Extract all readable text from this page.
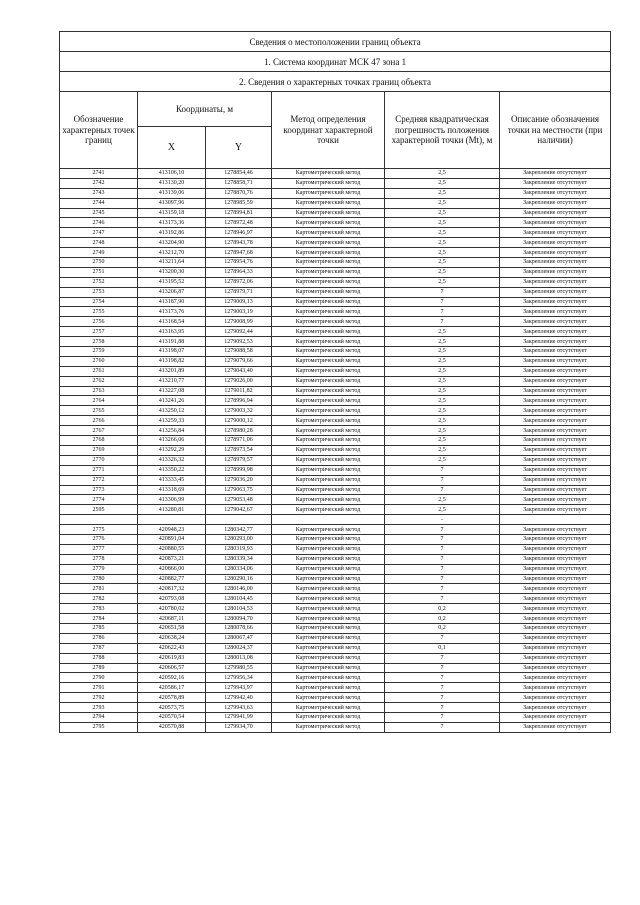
Сведения о местоположении границ объекта					
1. Система координат МСК 47 зона 1					
2. Сведения о характерных точках границ объекта					
Обозначение характерных точек границ	Координаты, м		Метод определения координат характерной точки	Средняя квадратическая погрешность положения характерной точки (Mt), м	Описание обозначения точки на местности (при наличии)
	X	Y			
2741	413106,10	1278854,46	Картометрический метод	2,5	Закрепление отсутствует
2742	413130,20	1278858,71	Картометрический метод	2,5	Закрепление отсутствует
2743	413139,06	1278870,76	Картометрический метод	2,5	Закрепление отсутствует
2744	413097,96	1278985,59	Картометрический метод	2,5	Закрепление отсутствует
2745	413159,18	1278994,81	Картометрический метод	2,5	Закрепление отсутствует
2746	413173,36	1278972,48	Картометрический метод	2,5	Закрепление отсутствует
2747	413192,86	1278946,97	Картометрический метод	2,5	Закрепление отсутствует
2748	413204,90	1278943,78	Картометрический метод	2,5	Закрепление отсутствует
2749	413212,70	1278947,68	Картометрический метод	2,5	Закрепление отсутствует
2750	413211,64	1278954,76	Картометрический метод	2,5	Закрепление отсутствует
2751	413200,30	1278964,33	Картометрический метод	2,5	Закрепление отсутствует
2752	413195,52	1278972,06	Картометрический метод	2,5	Закрепление отсутствует
2753	413206,87	1278979,71	Картометрический метод	7	Закрепление отсутствует
2754	413187,90	1279009,13	Картометрический метод	7	Закрепление отсутствует
2755	413173,76	1279003,19	Картометрический метод	7	Закрепление отсутствует
2756	413168,54	1279008,99	Картометрический метод	7	Закрепление отсутствует
2757	413163,95	1279092,44	Картометрический метод	2,5	Закрепление отсутствует
2758	413191,88	1279092,53	Картометрический метод	2,5	Закрепление отсутствует
2759	413198,07	1279088,58	Картометрический метод	2,5	Закрепление отсутствует
2760	413198,82	1279079,66	Картометрический метод	2,5	Закрепление отсутствует
2761	413201,89	1279043,40	Картометрический метод	2,5	Закрепление отсутствует
2762	413210,77	1279026,00	Картометрический метод	2,5	Закрепление отсутствует
2763	413227,08	1279011,82	Картометрический метод	2,5	Закрепление отсутствует
2764	413241,26	1278996,94	Картометрический метод	2,5	Закрепление отсутствует
2765	413250,12	1279003,32	Картометрический метод	2,5	Закрепление отсутствует
2766	413259,33	1279000,12	Картометрический метод	2,5	Закрепление отсутствует
2767	413256,84	1278980,28	Картометрический метод	2,5	Закрепление отсутствует
2768	413266,06	1278971,06	Картометрический метод	2,5	Закрепление отсутствует
2769	413292,29	1278973,54	Картометрический метод	2,5	Закрепление отсутствует
2770	413326,32	1278979,57	Картометрический метод	2,5	Закрепление отсутствует
2771	413350,22	1278999,98	Картометрический метод	7	Закрепление отсутствует
2772	413333,45	1279036,20	Картометрический метод	7	Закрепление отсутствует
2773	413318,69	1279063,75	Картометрический метод	7	Закрепление отсутствует
2774	413306,99	1279053,48	Картометрический метод	2,5	Закрепление отсутствует
2595	413280,81	1279042,67	Картометрический метод	2,5	Закрепление отсутствует
				-	
2775	420948,23	1280342,77	Картометрический метод	7	Закрепление отсутствует
2776	420891,04	1280293,00	Картометрический метод	7	Закрепление отсутствует
2777	420880,55	1280319,93	Картометрический метод	7	Закрепление отсутствует
2778	420873,21	1280339,34	Картометрический метод	7	Закрепление отсутствует
2779	420866,00	1280334,06	Картометрический метод	7	Закрепление отсутствует
2780	420882,77	1280290,16	Картометрический метод	7	Закрепление отсутствует
2781	420817,32	1280146,00	Картометрический метод	7	Закрепление отсутствует
2782	420793,08	1280104,45	Картометрический метод	7	Закрепление отсутствует
2783	420780,02	1280104,53	Картометрический метод	0,2	Закрепление отсутствует
2784	420687,11	1280094,70	Картометрический метод	0,2	Закрепление отсутствует
2785	420651,58	1280078,66	Картометрический метод	0,2	Закрепление отсутствует
2786	420638,24	1280067,47	Картометрический метод	7	Закрепление отсутствует
2787	420622,43	1280024,37	Картометрический метод	0,1	Закрепление отсутствует
2788	420619,83	1280013,08	Картометрический метод	7	Закрепление отсутствует
2789	420606,57	1279980,55	Картометрический метод	7	Закрепление отсутствует
2790	420592,16	1279956,34	Картометрический метод	7	Закрепление отсутствует
2791	420586,17	1279943,97	Картометрический метод	7	Закрепление отсутствует
2792	420578,89	1279942,40	Картометрический метод	7	Закрепление отсутствует
2793	420573,75	1279943,63	Картометрический метод	7	Закрепление отсутствует
2794	420570,54	1279941,99	Картометрический метод	7	Закрепление отсутствует
2795	420570,88	1279934,70	Картометрический метод	7	Закрепление отсутствует
